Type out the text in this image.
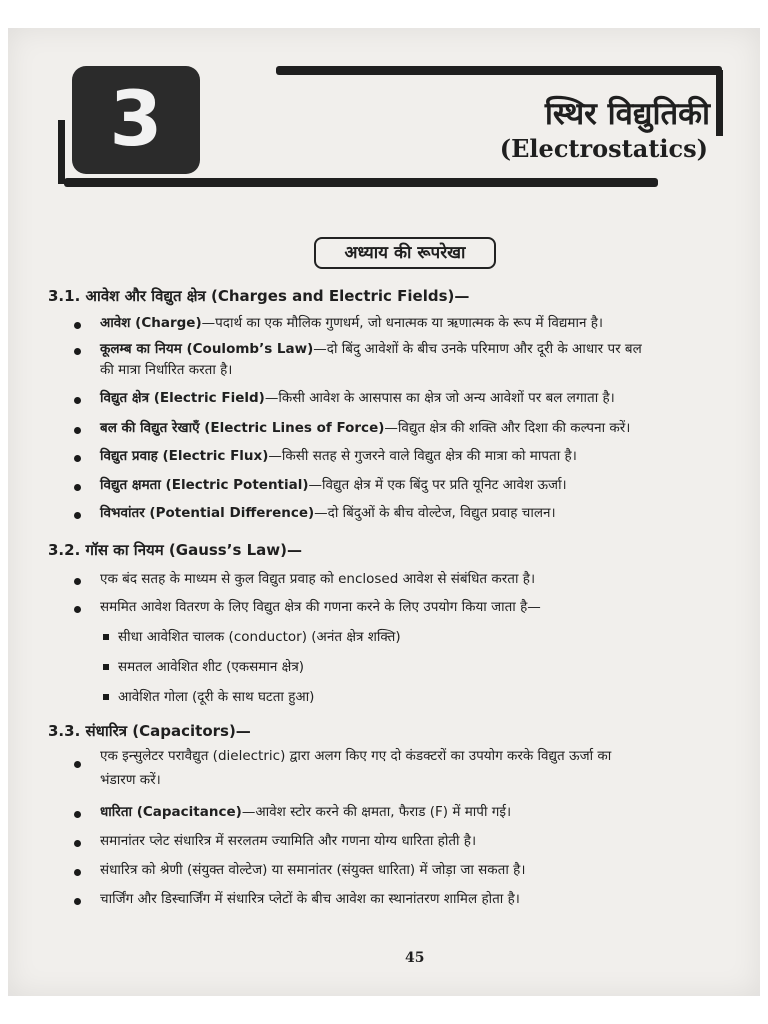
3	स्थिर विद्युतिकी
(Electrostatics)
अध्याय की रूपरेखा
3.1. आवेश और विद्युत क्षेत्र (Charges and Electric Fields)—
आवेश (Charge)—पदार्थ का एक मौलिक गुणधर्म, जो धनात्मक या ऋणात्मक के रूप में विद्यमान है।
कूलम्ब का नियम (Coulomb’s Law)—दो बिंदु आवेशों के बीच उनके परिमाण और दूरी के आधार पर बल
की मात्रा निर्धारित करता है।
विद्युत क्षेत्र (Electric Field)—किसी आवेश के आसपास का क्षेत्र जो अन्य आवेशों पर बल लगाता है।
बल की विद्युत रेखाएँ (Electric Lines of Force)—विद्युत क्षेत्र की शक्ति और दिशा की कल्पना करें।
विद्युत प्रवाह (Electric Flux)—किसी सतह से गुजरने वाले विद्युत क्षेत्र की मात्रा को मापता है।
विद्युत क्षमता (Electric Potential)—विद्युत क्षेत्र में एक बिंदु पर प्रति यूनिट आवेश ऊर्जा।
विभवांतर (Potential Difference)—दो बिंदुओं के बीच वोल्टेज, विद्युत प्रवाह चालन।
3.2. गॉस का नियम (Gauss’s Law)—
एक बंद सतह के माध्यम से कुल विद्युत प्रवाह को enclosed आवेश से संबंधित करता है।
सममित आवेश वितरण के लिए विद्युत क्षेत्र की गणना करने के लिए उपयोग किया जाता है—
सीधा आवेशित चालक (conductor) (अनंत क्षेत्र शक्ति)
समतल आवेशित शीट (एकसमान क्षेत्र)
आवेशित गोला (दूरी के साथ घटता हुआ)
3.3. संधारित्र (Capacitors)—
एक इन्सुलेटर परावैद्युत (dielectric) द्वारा अलग किए गए दो कंडक्टरों का उपयोग करके विद्युत ऊर्जा का
भंडारण करें।
धारिता (Capacitance)—आवेश स्टोर करने की क्षमता, फैराड (F) में मापी गई।
समानांतर प्लेट संधारित्र में सरलतम ज्यामिति और गणना योग्य धारिता होती है।
संधारित्र को श्रेणी (संयुक्त वोल्टेज) या समानांतर (संयुक्त धारिता) में जोड़ा जा सकता है।
चार्जिंग और डिस्चार्जिंग में संधारित्र प्लेटों के बीच आवेश का स्थानांतरण शामिल होता है।
45
